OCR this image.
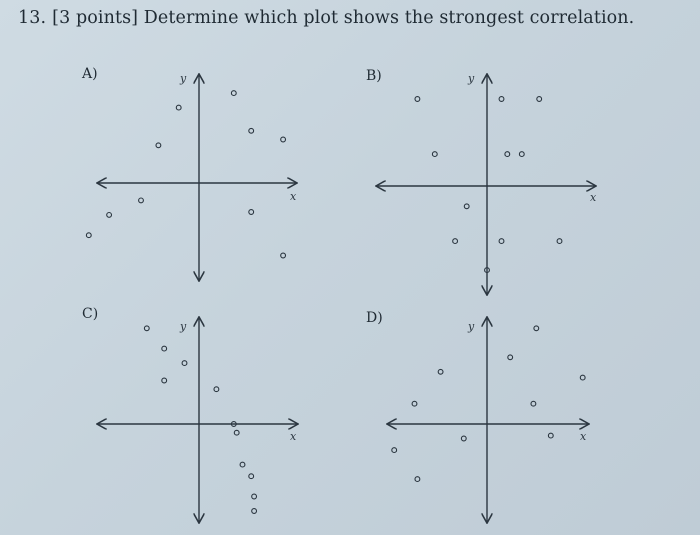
13. [3 points] Determine which plot shows the strongest correlation.
A)	B)
C)	D)
x
y
x
y
x
y
x
y
